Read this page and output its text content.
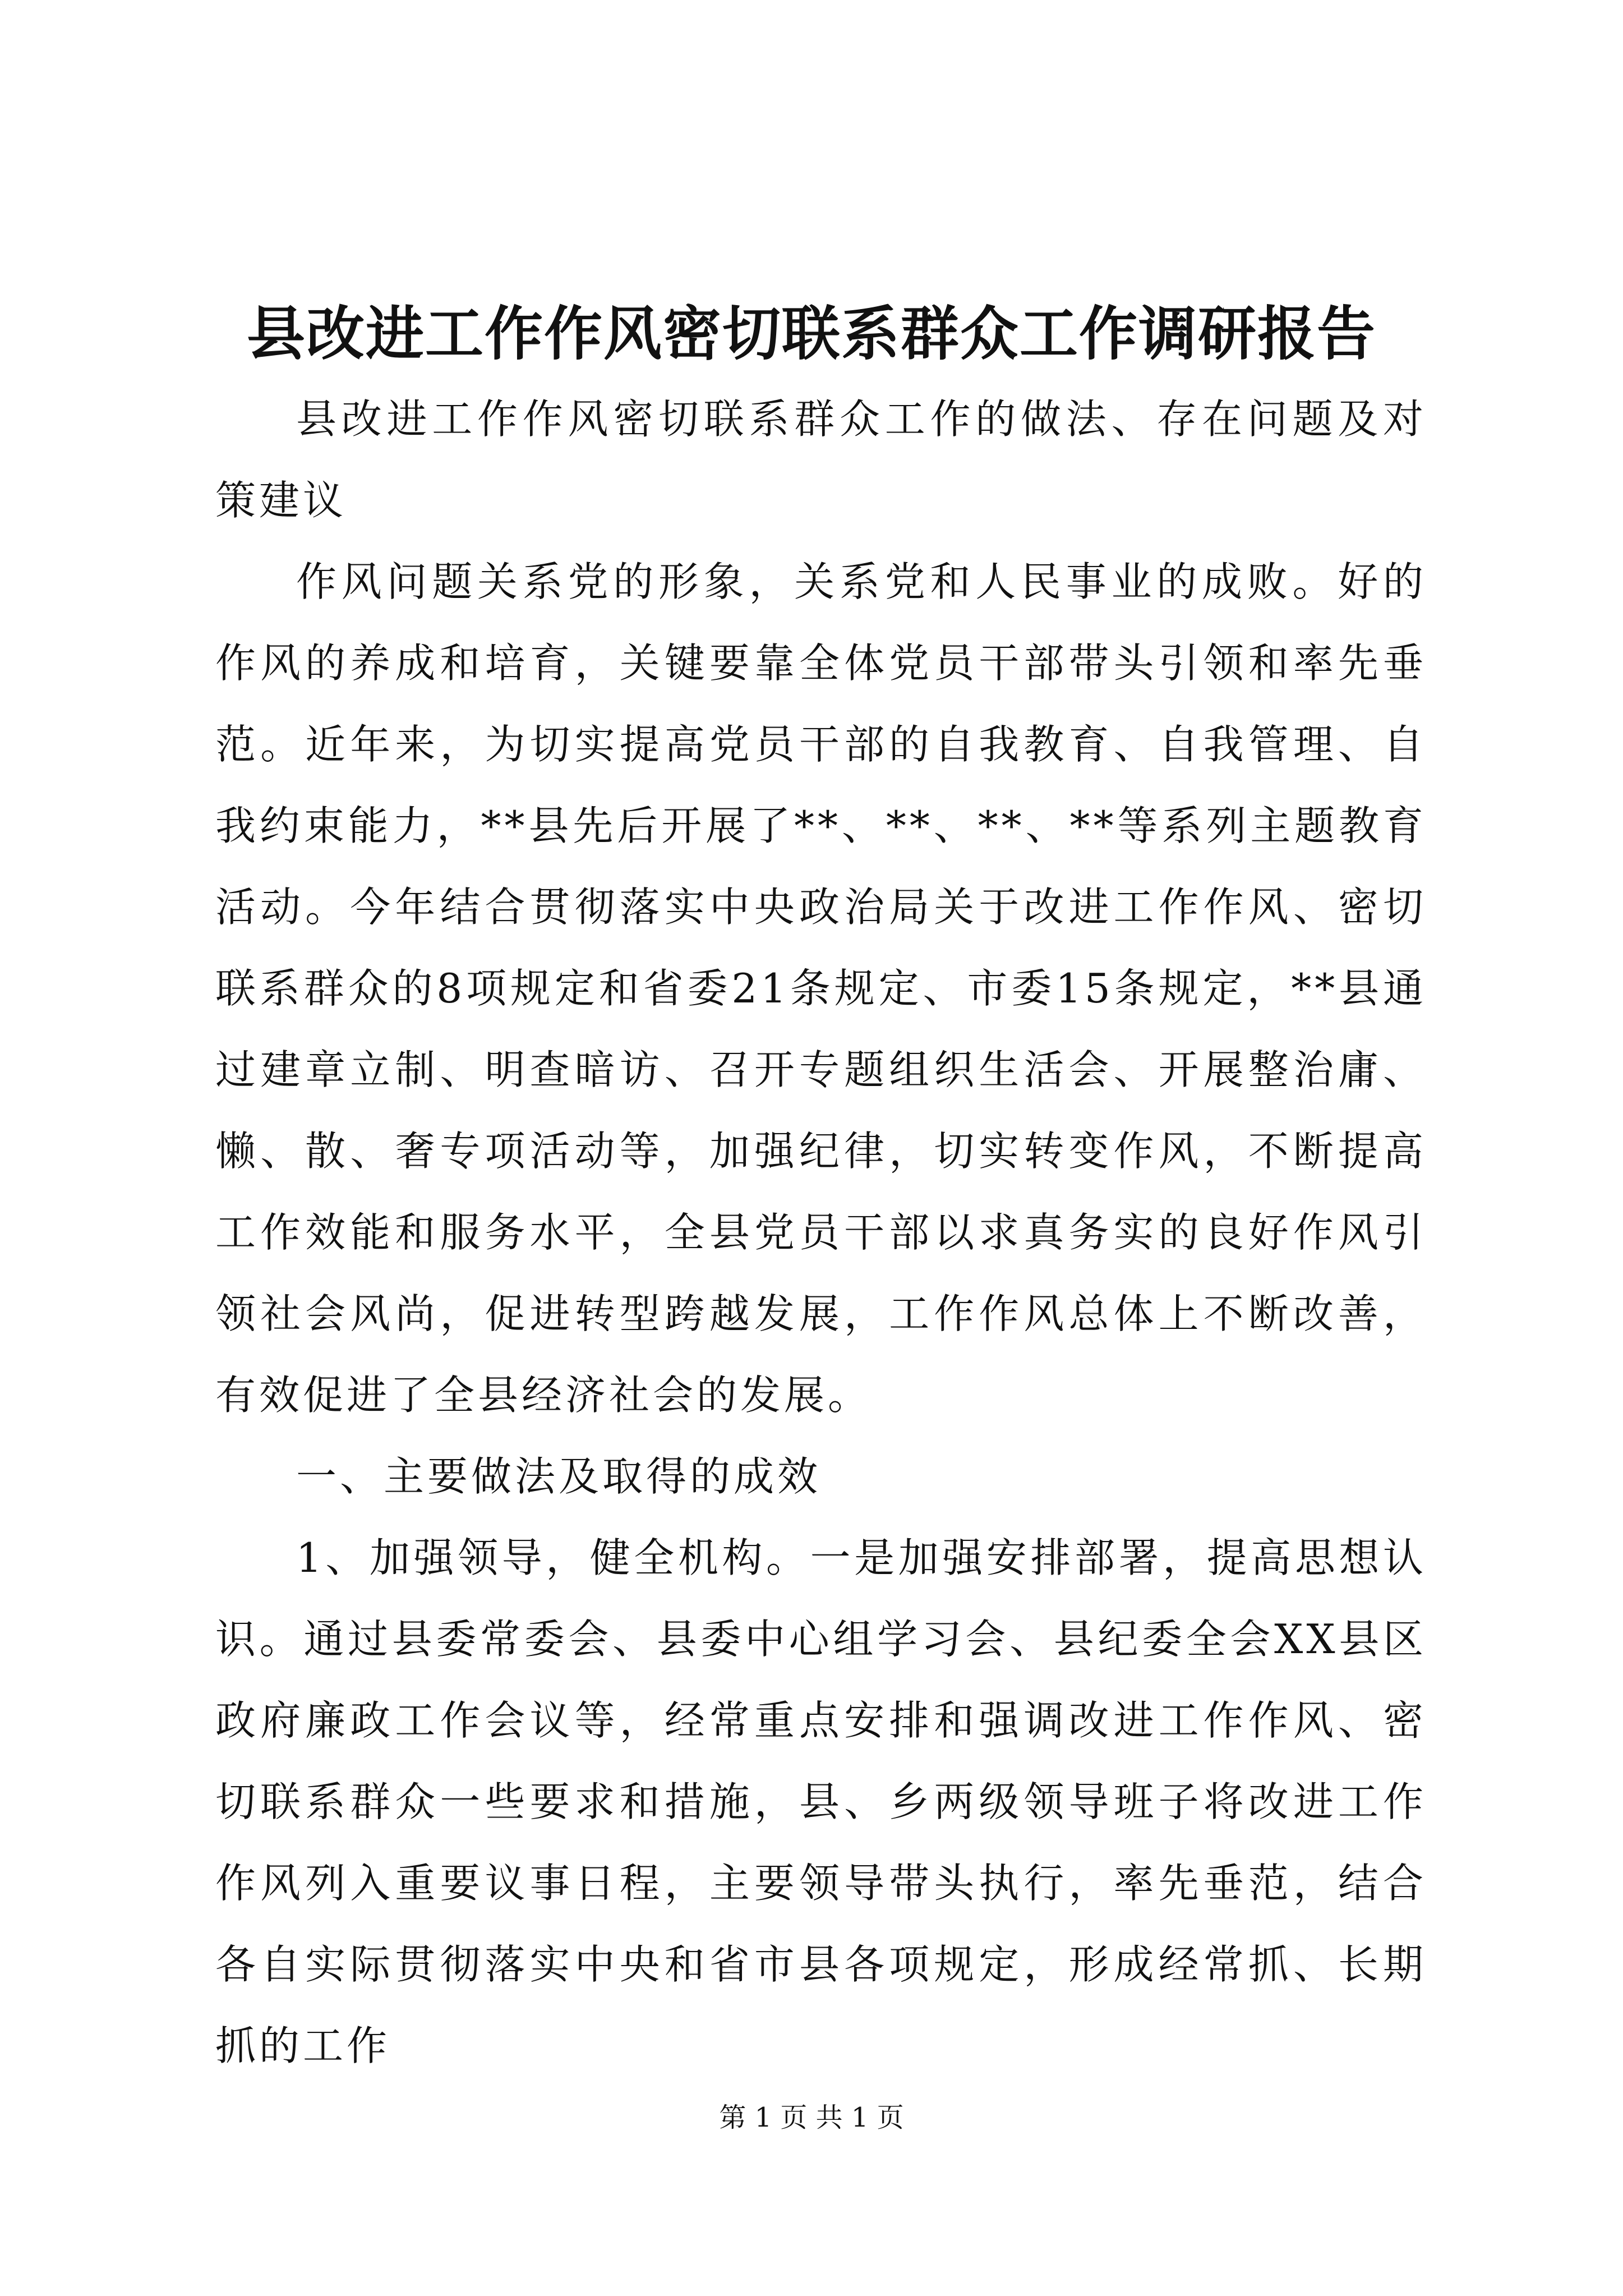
县改进工作作风密切联系群众工作调研报告

县改进工作作风密切联系群众工作的做法、存在问题及对策建议

作风问题关系党的形象，关系党和人民事业的成败。好的作风的养成和培育，关键要靠全体党员干部带头引领和率先垂范。近年来，为切实提高党员干部的自我教育、自我管理、自我约束能力，**县先后开展了**、**、**、**等系列主题教育活动。今年结合贯彻落实中央政治局关于改进工作作风、密切联系群众的8项规定和省委21条规定、市委15条规定，**县通过建章立制、明查暗访、召开专题组织生活会、开展整治庸、懒、散、奢专项活动等，加强纪律，切实转变作风，不断提高工作效能和服务水平，全县党员干部以求真务实的良好作风引领社会风尚，促进转型跨越发展，工作作风总体上不断改善，有效促进了全县经济社会的发展。

一、主要做法及取得的成效

1、加强领导，健全机构。一是加强安排部署，提高思想认识。通过县委常委会、县委中心组学习会、县纪委全会XX县区政府廉政工作会议等，经常重点安排和强调改进工作作风、密切联系群众一些要求和措施，县、乡两级领导班子将改进工作作风列入重要议事日程，主要领导带头执行，率先垂范，结合各自实际贯彻落实中央和省市县各项规定，形成经常抓、长期抓的工作

第 1 页 共 1 页
